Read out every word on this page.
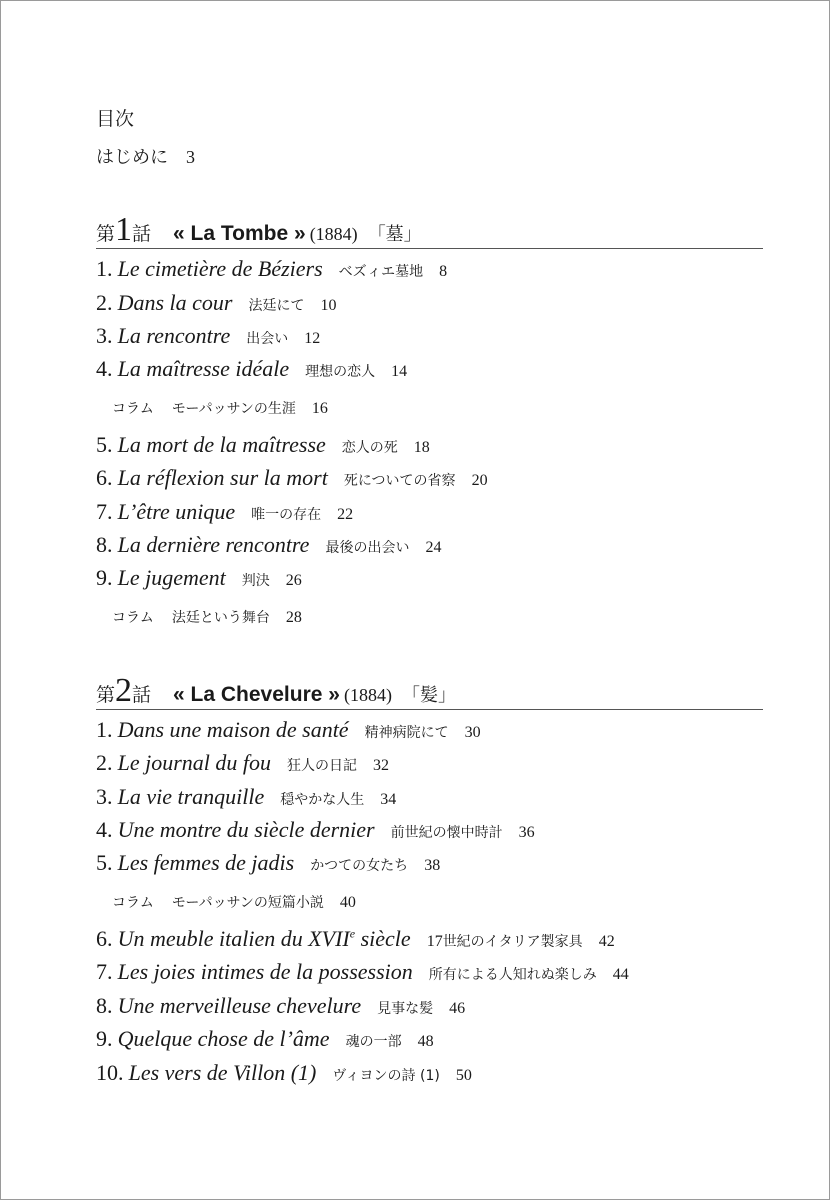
目次
はじめに 3
第1話 « La Tombe » (1884) 「墓」
1. Le cimetière de Béziers ベズィエ墓地 8
2. Dans la cour 法廷にて 10
3. La rencontre 出会い 12
4. La maîtresse idéale 理想の恋人 14
コラム モーパッサンの生涯 16
5. La mort de la maîtresse 恋人の死 18
6. La réflexion sur la mort 死についての省察 20
7. L’être unique 唯一の存在 22
8. La dernière rencontre 最後の出会い 24
9. Le jugement 判決 26
コラム 法廷という舞台 28
第2話 « La Chevelure » (1884) 「髪」
1. Dans une maison de santé 精神病院にて 30
2. Le journal du fou 狂人の日記 32
3. La vie tranquille 穏やかな人生 34
4. Une montre du siècle dernier 前世紀の懐中時計 36
5. Les femmes de jadis かつての女たち 38
コラム モーパッサンの短篇小説 40
6. Un meuble italien du XVIIe siècle 17世紀のイタリア製家具 42
7. Les joies intimes de la possession 所有による人知れぬ楽しみ 44
8. Une merveilleuse chevelure 見事な髪 46
9. Quelque chose de l’âme 魂の一部 48
10. Les vers de Villon (1) ヴィヨンの詩 (1) 50
